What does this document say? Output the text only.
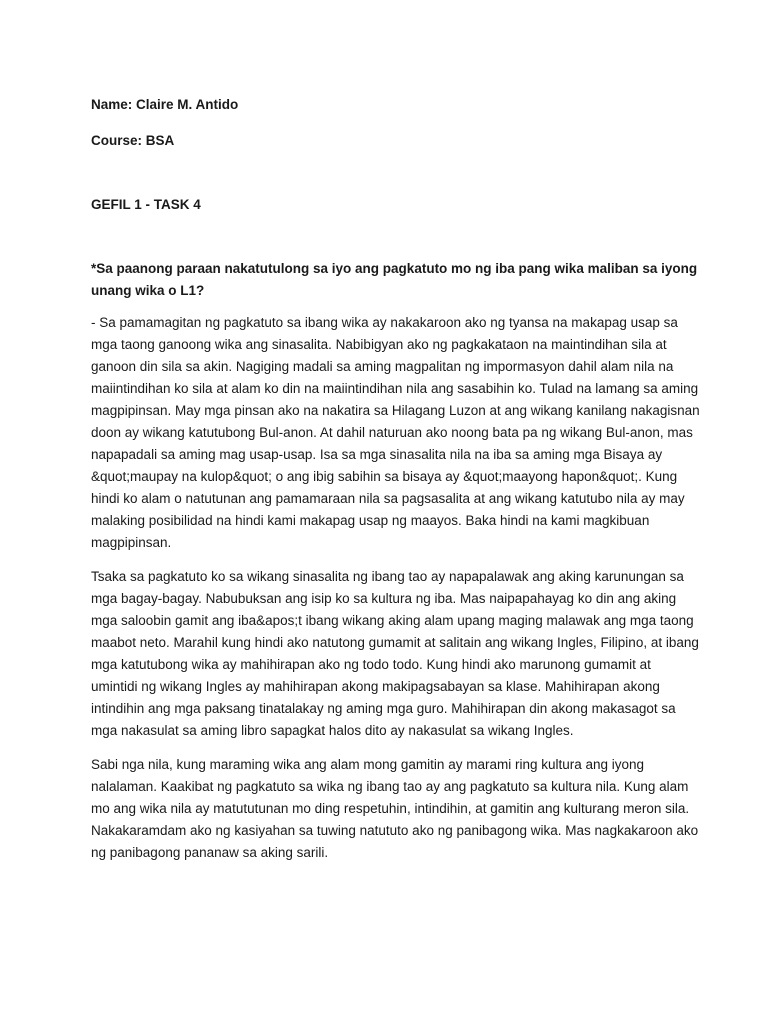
Name: Claire M. Antido

Course: BSA

GEFIL 1 - TASK 4

*Sa paanong paraan nakatutulong sa iyo ang pagkatuto mo ng iba pang wika maliban sa iyong unang wika o L1?

- Sa pamamagitan ng pagkatuto sa ibang wika ay nakakaroon ako ng tyansa na makapag usap sa mga taong ganoong wika ang sinasalita. Nabibigyan ako ng pagkakataon na maintindihan sila at ganoon din sila sa akin. Nagiging madali sa aming magpalitan ng impormasyon dahil alam nila na maiintindihan ko sila at alam ko din na maiintindihan nila ang sasabihin ko. Tulad na lamang sa aming magpipinsan. May mga pinsan ako na nakatira sa Hilagang Luzon at ang wikang kanilang nakagisnan doon ay wikang katutubong Bul-anon. At dahil naturuan ako noong bata pa ng wikang Bul-anon, mas napapadali sa aming mag usap-usap. Isa sa mga sinasalita nila na iba sa aming mga Bisaya ay &quot;maupay na kulop&quot; o ang ibig sabihin sa bisaya ay &quot;maayong hapon&quot;. Kung hindi ko alam o natutunan ang pamamaraan nila sa pagsasalita at ang wikang katutubo nila ay may malaking posibilidad na hindi kami makapag usap ng maayos. Baka hindi na kami magkibuan magpipinsan.

Tsaka sa pagkatuto ko sa wikang sinasalita ng ibang tao ay napapalawak ang aking karunungan sa mga bagay-bagay. Nabubuksan ang isip ko sa kultura ng iba. Mas naipapahayag ko din ang aking mga saloobin gamit ang iba&apos;t ibang wikang aking alam upang maging malawak ang mga taong maabot neto. Marahil kung hindi ako natutong gumamit at salitain ang wikang Ingles, Filipino, at ibang mga katutubong wika ay mahihirapan ako ng todo todo. Kung hindi ako marunong gumamit at umintidi ng wikang Ingles ay mahihirapan akong makipagsabayan sa klase. Mahihirapan akong intindihin ang mga paksang tinatalakay ng aming mga guro. Mahihirapan din akong makasagot sa mga nakasulat sa aming libro sapagkat halos dito ay nakasulat sa wikang Ingles.

Sabi nga nila, kung maraming wika ang alam mong gamitin ay marami ring kultura ang iyong nalalaman. Kaakibat ng pagkatuto sa wika ng ibang tao ay ang pagkatuto sa kultura nila. Kung alam mo ang wika nila ay matututunan mo ding respetuhin, intindihin, at gamitin ang kulturang meron sila. Nakakaramdam ako ng kasiyahan sa tuwing natututo ako ng panibagong wika. Mas nagkakaroon ako ng panibagong pananaw sa aking sarili.
